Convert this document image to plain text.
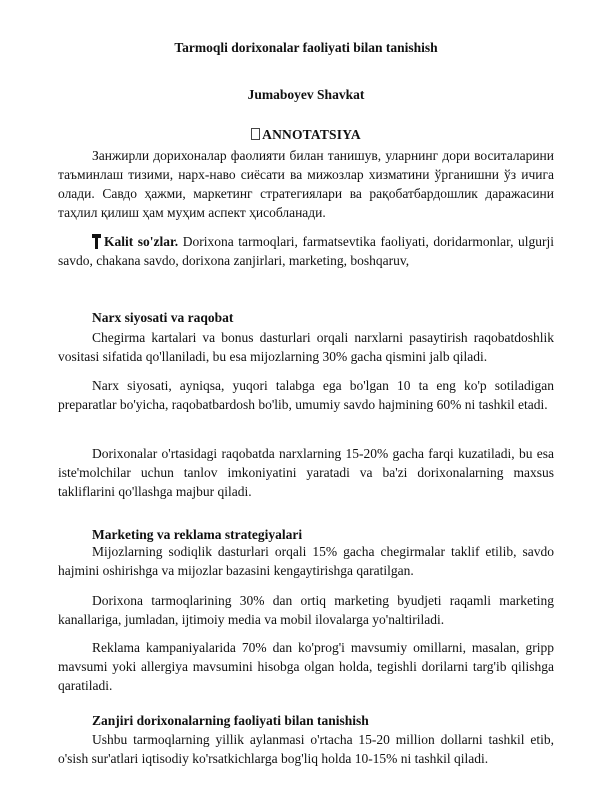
Tarmoqli dorixonalar faoliyati bilan tanishish
Jumaboyev Shavkat
ANNOTATSIYA

Занжирли дорихоналар фаолияти билан танишув, уларнинг дори воситаларини таъминлаш тизими, нарх-наво сиёсати ва мижозлар хизматини ўрганишни ўз ичига олади. Савдо ҳажми, маркетинг стратегиялари ва рақобатбардошлик даражасини таҳлил қилиш ҳам муҳим аспект ҳисобланади.

Kalit so'zlar. Dorixona tarmoqlari, farmatsevtika faoliyati, doridarmonlar, ulgurji savdo, chakana savdo, dorixona zanjirlari, marketing, boshqaruv,

Narx siyosati va raqobat

Chegirma kartalari va bonus dasturlari orqali narxlarni pasaytirish raqobatdoshlik vositasi sifatida qo'llaniladi, bu esa mijozlarning 30% gacha qismini jalb qiladi.

Narx siyosati, ayniqsa, yuqori talabga ega bo'lgan 10 ta eng ko'p sotiladigan preparatlar bo'yicha, raqobatbardosh bo'lib, umumiy savdo hajmining 60% ni tashkil etadi.

Dorixonalar o'rtasidagi raqobatda narxlarning 15-20% gacha farqi kuzatiladi, bu esa iste'molchilar uchun tanlov imkoniyatini yaratadi va ba'zi dorixonalarning maxsus takliflarini qo'llashga majbur qiladi.

Marketing va reklama strategiyalari

Mijozlarning sodiqlik dasturlari orqali 15% gacha chegirmalar taklif etilib, savdo hajmini oshirishga va mijozlar bazasini kengaytirishga qaratilgan.

Dorixona tarmoqlarining 30% dan ortiq marketing byudjeti raqamli marketing kanallariga, jumladan, ijtimoiy media va mobil ilovalarga yo'naltiriladi.

Reklama kampaniyalarida 70% dan ko'prog'i mavsumiy omillarni, masalan, gripp mavsumi yoki allergiya mavsumini hisobga olgan holda, tegishli dorilarni targ'ib qilishga qaratiladi.

Zanjiri dorixonalarning faoliyati bilan tanishish

Ushbu tarmoqlarning yillik aylanmasi o'rtacha 15-20 million dollarni tashkil etib, o'sish sur'atlari iqtisodiy ko'rsatkichlarga bog'liq holda 10-15% ni tashkil qiladi.
